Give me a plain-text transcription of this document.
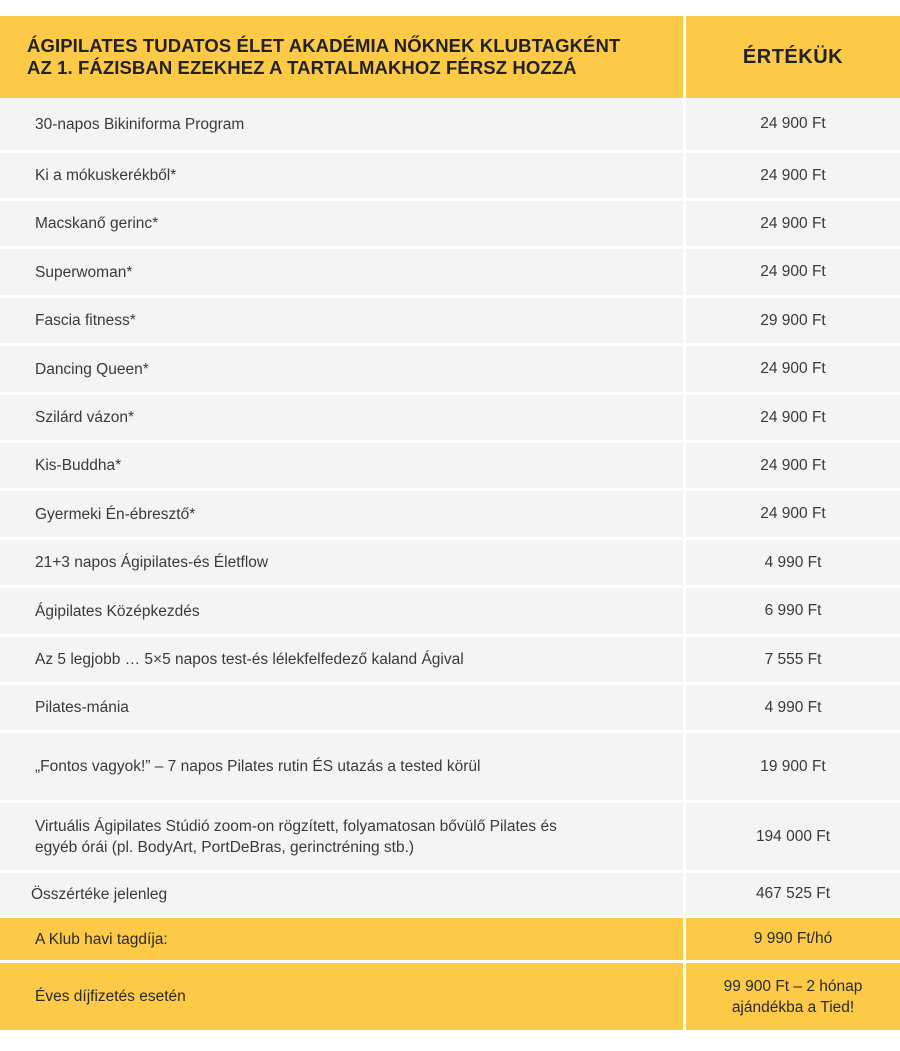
ÁGIPILATES TUDATOS ÉLET AKADÉMIA NŐKNEK KLUBTAGKÉNT
AZ 1. FÁZISBAN EZEKHEZ A TARTALMAKHOZ FÉRSZ HOZZÁ	ÉRTÉKÜK
30-napos Bikiniforma Program	24 900 Ft
Ki a mókuskerékből*	24 900 Ft
Macskanő gerinc*	24 900 Ft
Superwoman*	24 900 Ft
Fascia fitness*	29 900 Ft
Dancing Queen*	24 900 Ft
Szilárd vázon*	24 900 Ft
Kis-Buddha*	24 900 Ft
Gyermeki Én-ébresztő*	24 900 Ft
21+3 napos Ágipilates-és Életflow	4 990 Ft
Ágipilates Középkezdés	6 990 Ft
Az 5 legjobb … 5×5 napos test-és lélekfelfedező kaland Ágival	7 555 Ft
Pilates-mánia	4 990 Ft
„Fontos vagyok!” – 7 napos Pilates rutin ÉS utazás a tested körül	19 900 Ft
Virtuális Ágipilates Stúdió zoom-on rögzített, folyamatosan bővülő Pilates és
egyéb órái (pl. BodyArt, PortDeBras, gerinctréning stb.)	194 000 Ft
Összértéke jelenleg	467 525 Ft
A Klub havi tagdíja:	9 990 Ft/hó
Éves díjfizetés esetén	99 900 Ft – 2 hónap
ajándékba a Tied!
